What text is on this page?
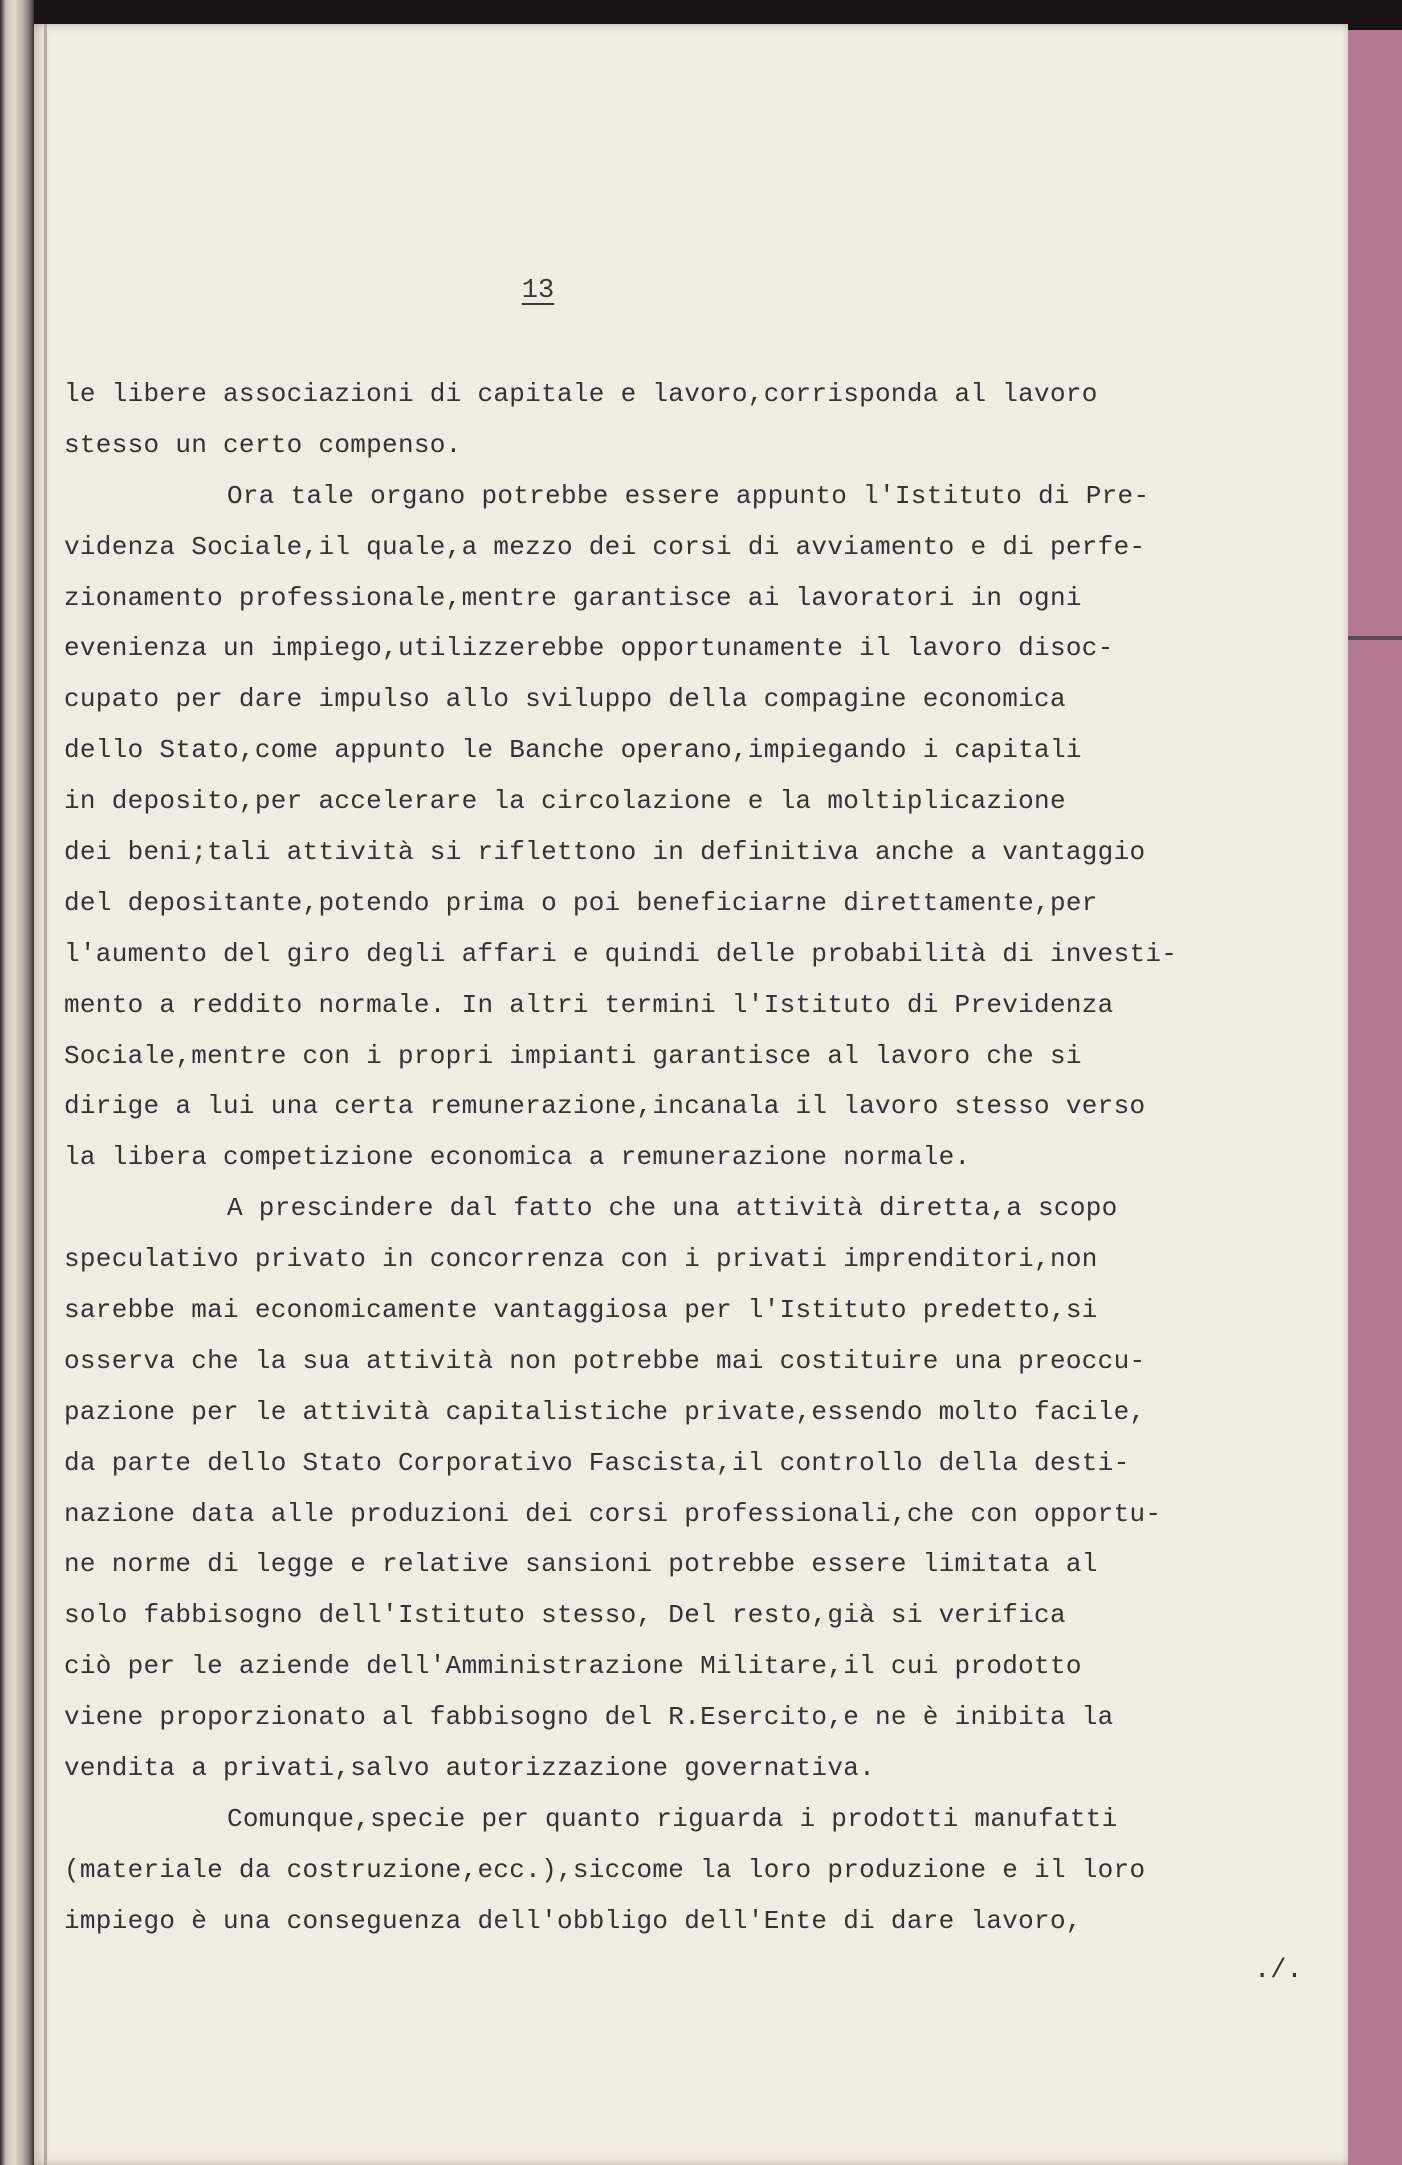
13
le libere associazioni di capitale e lavoro,corrisponda al lavoro
stesso un certo compenso.
Ora tale organo potrebbe essere appunto l'Istituto di Pre-
videnza Sociale,il quale,a mezzo dei corsi di avviamento e di perfe-
zionamento professionale,mentre garantisce ai lavoratori in ogni
evenienza un impiego,utilizzerebbe opportunamente il lavoro disoc-
cupato per dare impulso allo sviluppo della compagine economica
dello Stato,come appunto le Banche operano,impiegando i capitali
in deposito,per accelerare la circolazione e la moltiplicazione
dei beni;tali attività si riflettono in definitiva anche a vantaggio
del depositante,potendo prima o poi beneficiarne direttamente,per
l'aumento del giro degli affari e quindi delle probabilità di investi-
mento a reddito normale. In altri termini l'Istituto di Previdenza
Sociale,mentre con i propri impianti garantisce al lavoro che si
dirige a lui una certa remunerazione,incanala il lavoro stesso verso
la libera competizione economica a remunerazione normale.
A prescindere dal fatto che una attività diretta,a scopo
speculativo privato in concorrenza con i privati imprenditori,non
sarebbe mai economicamente vantaggiosa per l'Istituto predetto,si
osserva che la sua attività non potrebbe mai costituire una preoccu-
pazione per le attività capitalistiche private,essendo molto facile,
da parte dello Stato Corporativo Fascista,il controllo della desti-
nazione data alle produzioni dei corsi professionali,che con opportu-
ne norme di legge e relative sansioni potrebbe essere limitata al
solo fabbisogno dell'Istituto stesso, Del resto,già si verifica
ciò per le aziende dell'Amministrazione Militare,il cui prodotto
viene proporzionato al fabbisogno del R.Esercito,e ne è inibita la
vendita a privati,salvo autorizzazione governativa.
Comunque,specie per quanto riguarda i prodotti manufatti
(materiale da costruzione,ecc.),siccome la loro produzione e il loro
impiego è una conseguenza dell'obbligo dell'Ente di dare lavoro,
./.
